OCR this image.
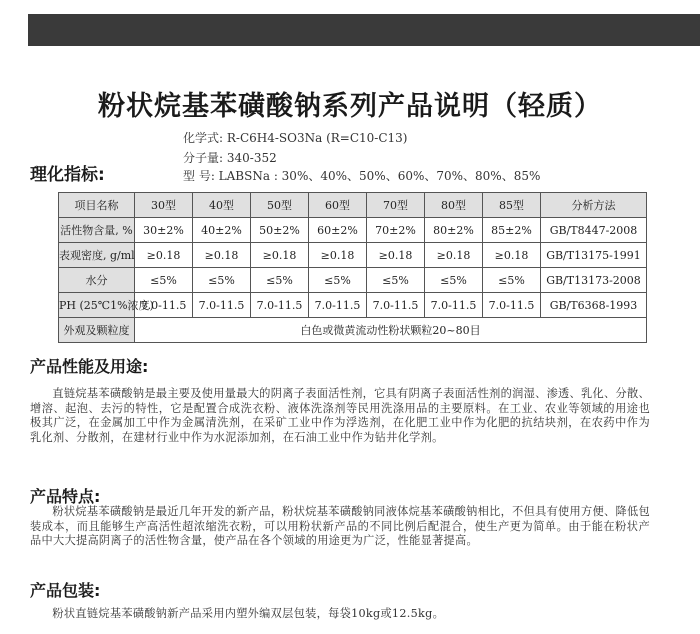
粉状烷基苯磺酸钠系列产品说明（轻质）
化学式: R-C6H4-SO3Na (R=C10-C13)
分子量: 340-352
型 号: LABSNa : 30%、40%、50%、60%、70%、80%、85%
理化指标:
项目名称	30型	40型	50型	60型	70型	80型	85型	分析方法
活性物含量, %	30±2%	40±2%	50±2%	60±2%	70±2%	80±2%	85±2%	GB/T8447-2008
表观密度, g/ml	≥0.18	≥0.18	≥0.18	≥0.18	≥0.18	≥0.18	≥0.18	GB/T13175-1991
水分	≤5%	≤5%	≤5%	≤5%	≤5%	≤5%	≤5%	GB/T13173-2008
PH (25℃1%浓度)	7.0-11.5	7.0-11.5	7.0-11.5	7.0-11.5	7.0-11.5	7.0-11.5	7.0-11.5	GB/T6368-1993
外观及颗粒度	白色或微黄流动性粉状颗粒20~80目							
产品性能及用途:
直链烷基苯磺酸钠是最主要及使用量最大的阴离子表面活性剂，它具有阴离子表面活性剂的润湿、渗透、乳化、分散、增溶、起泡、去污的特性，它是配置合成洗衣粉、液体洗涤剂等民用洗涤用品的主要原料。在工业、农业等领域的用途也极其广泛，在金属加工中作为金属清洗剂，在采矿工业中作为浮选剂，在化肥工业中作为化肥的抗结块剂，在农药中作为乳化剂、分散剂，在建材行业中作为水泥添加剂，在石油工业中作为钻井化学剂。
产品特点:
粉状烷基苯磺酸钠是最近几年开发的新产品，粉状烷基苯磺酸钠同液体烷基苯磺酸钠相比，不但具有使用方便、降低包装成本，而且能够生产高活性超浓缩洗衣粉，可以用粉状新产品的不同比例后配混合，使生产更为简单。由于能在粉状产品中大大提高阴离子的活性物含量，使产品在各个领域的用途更为广泛，性能显著提高。
产品包装:
粉状直链烷基苯磺酸钠新产品采用内塑外编双层包装，每袋10kg或12.5kg。
